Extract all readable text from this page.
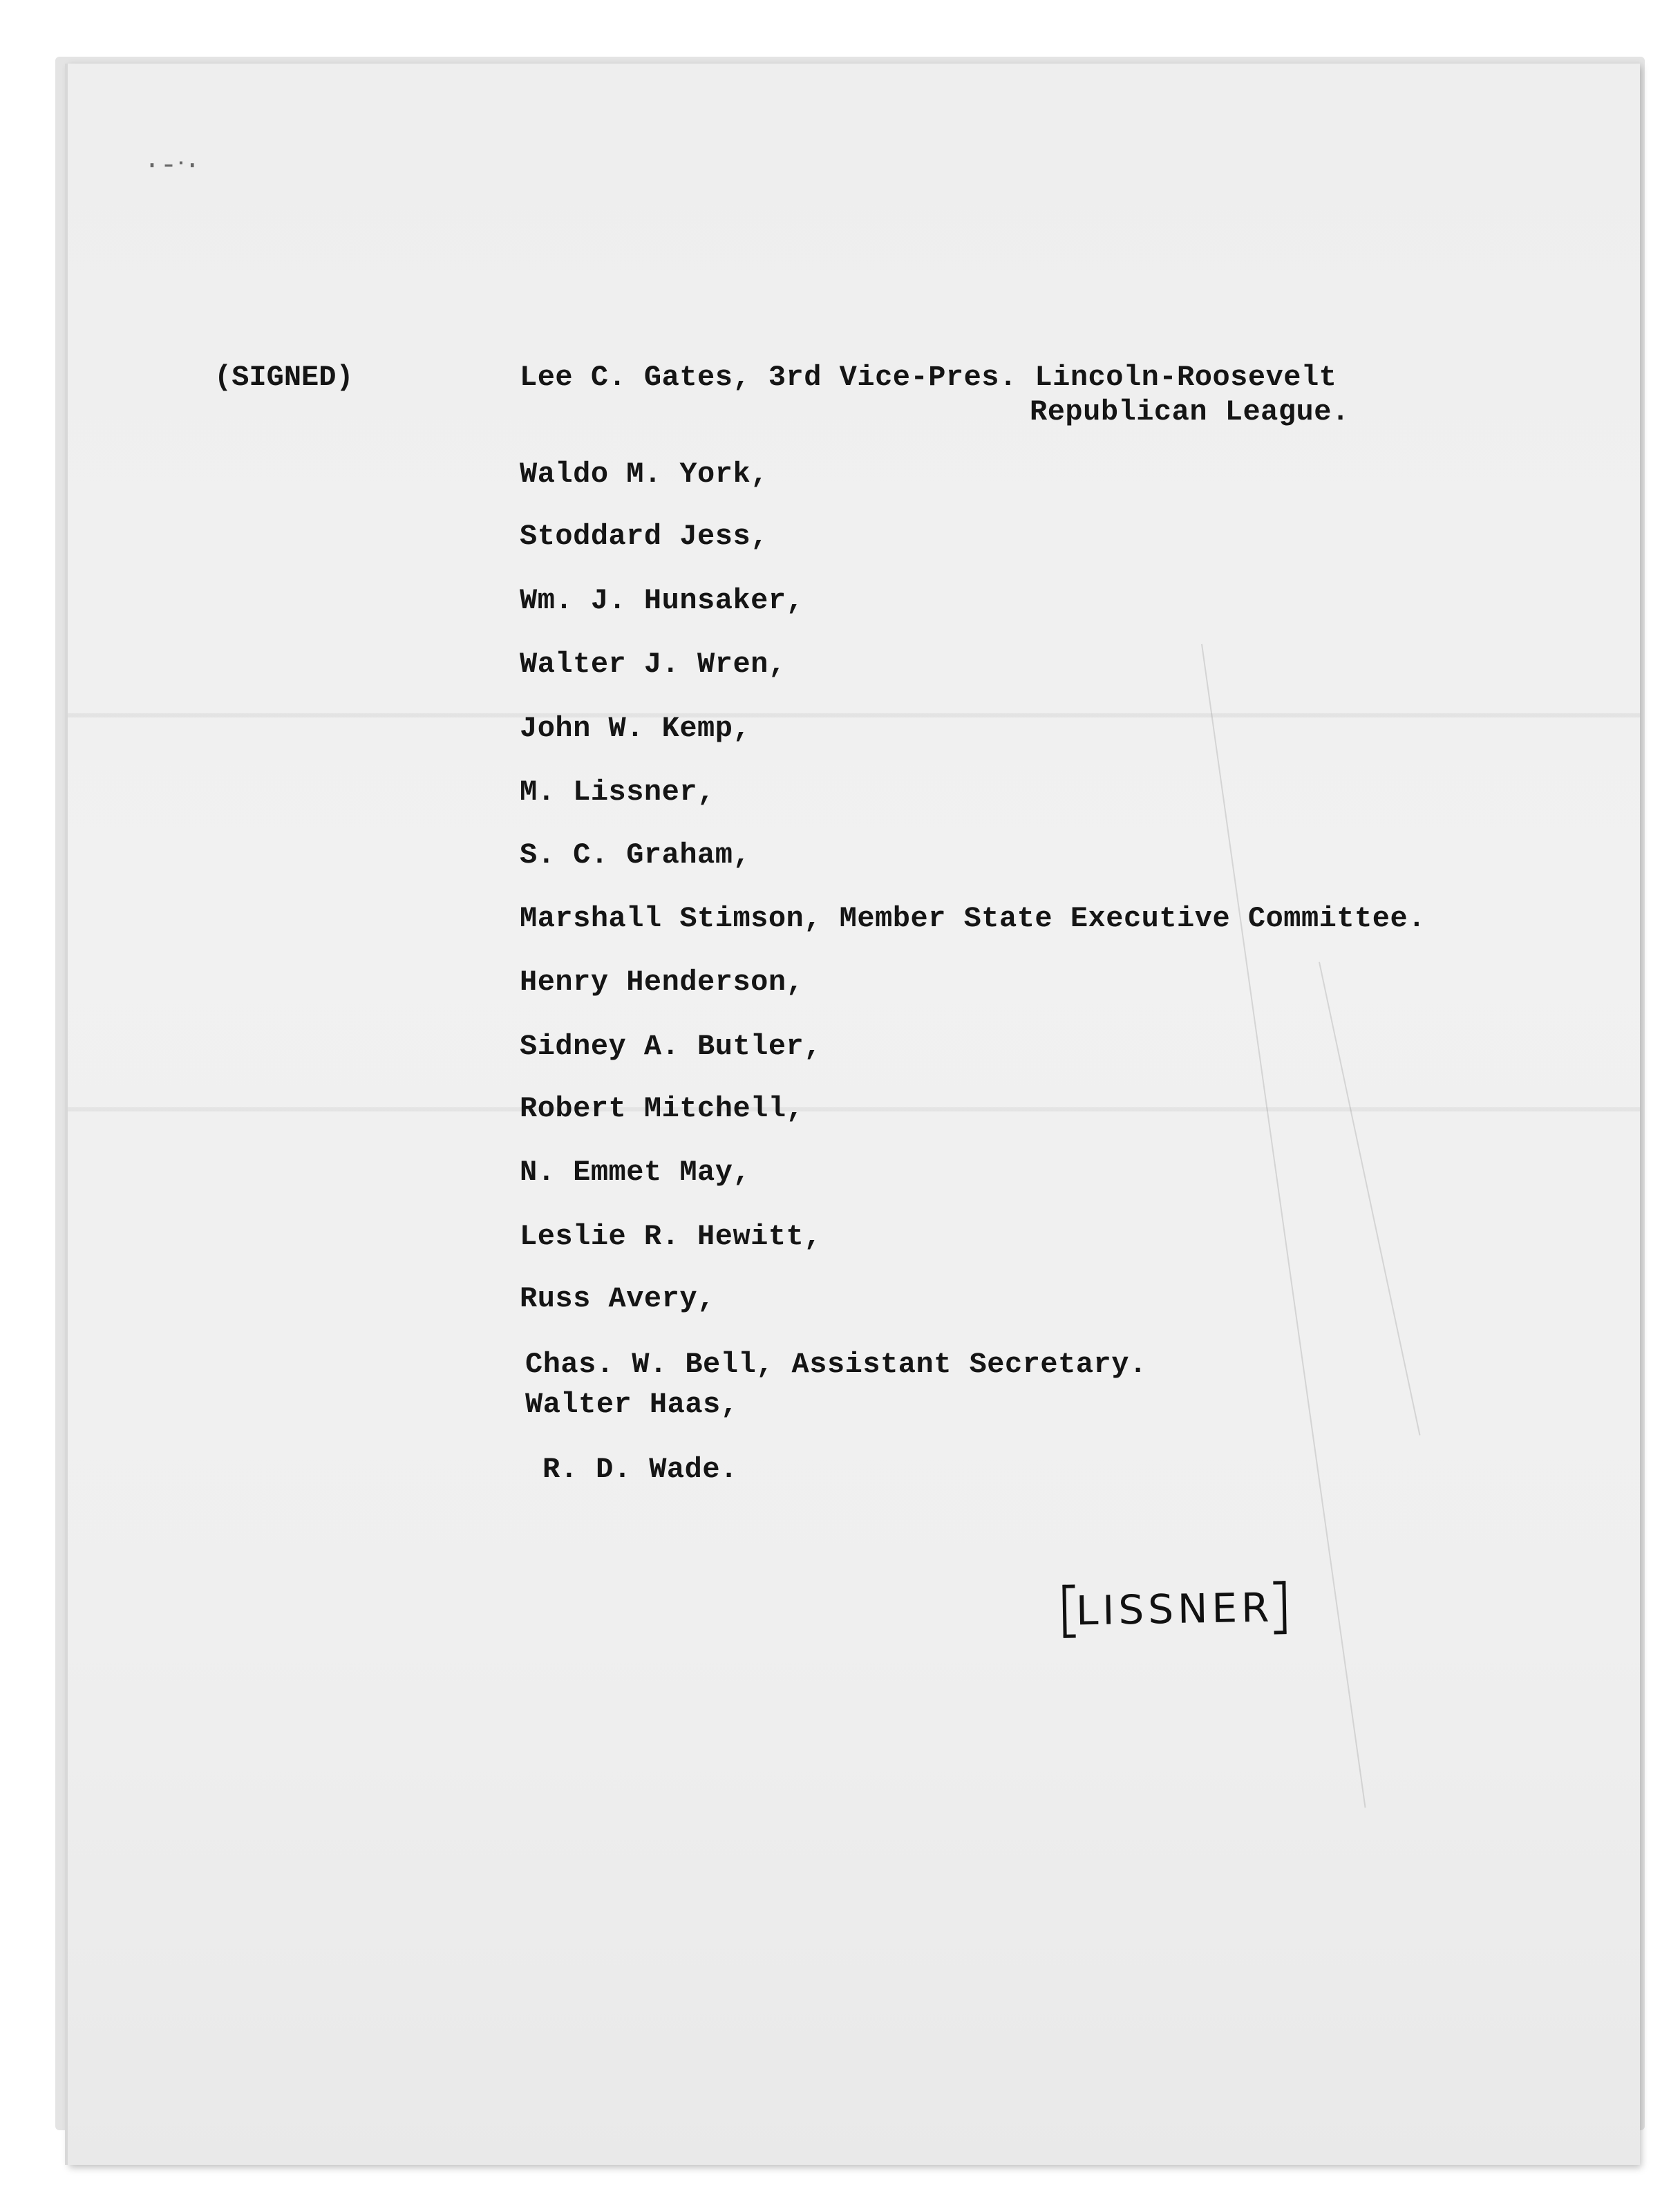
·‑ᐧ·
(SIGNED)	Lee C. Gates, 3rd Vice-Pres. Lincoln-Roosevelt
Republican League.
Waldo M. York,
Stoddard Jess,
Wm. J. Hunsaker,
Walter J. Wren,
John W. Kemp,
M. Lissner,
S. C. Graham,
Marshall Stimson, Member State Executive Committee.
Henry Henderson,
Sidney A. Butler,
Robert Mitchell,
N. Emmet May,
Leslie R. Hewitt,
Russ Avery,
Chas. W. Bell, Assistant Secretary.
Walter Haas,
R. D. Wade.
LISSNER
